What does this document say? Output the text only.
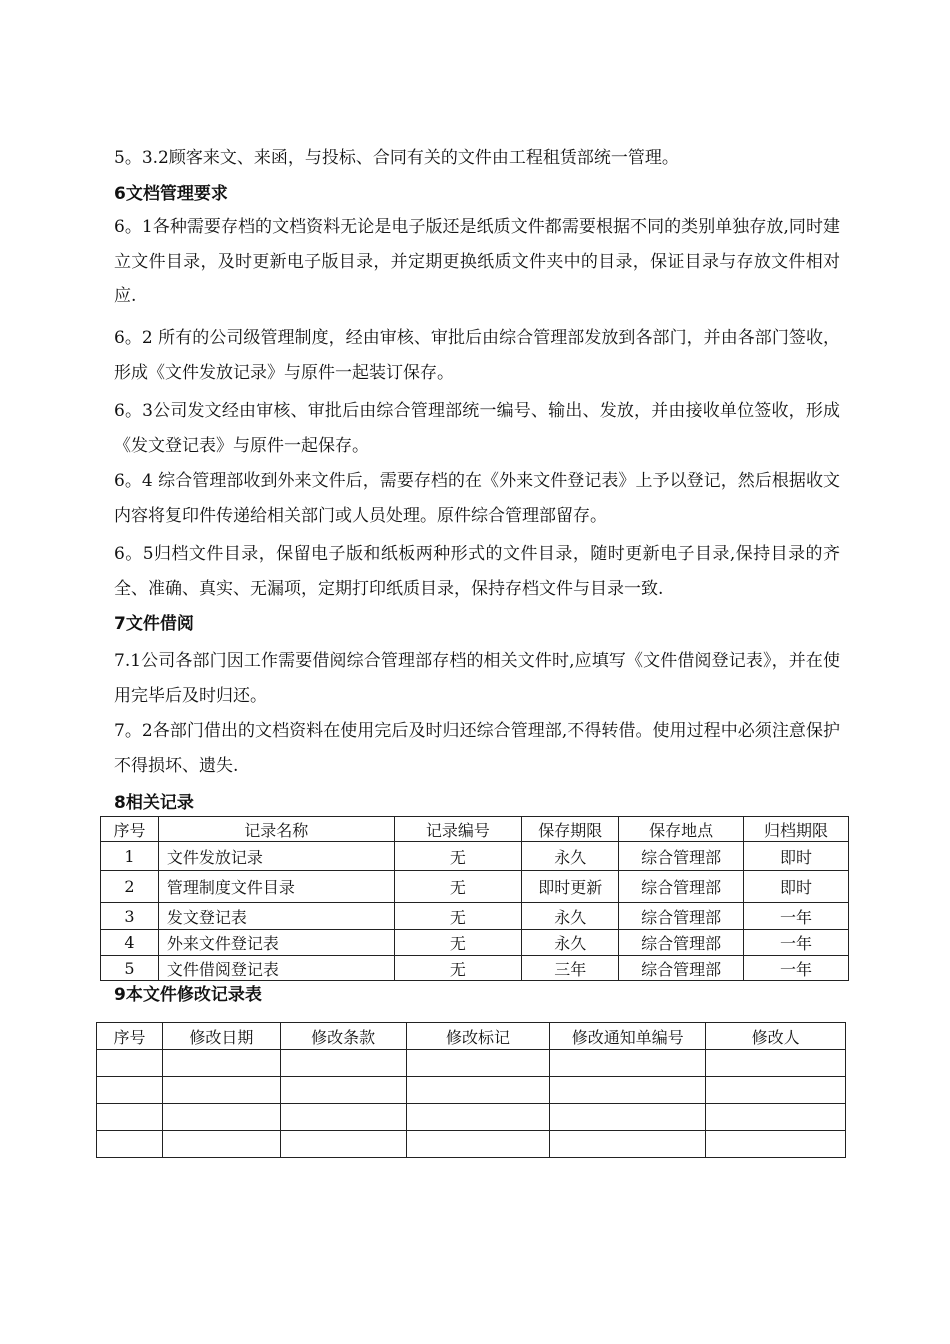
5。3.2顾客来文、来函，与投标、合同有关的文件由工程租赁部统一管理。

6文档管理要求

6。1各种需要存档的文档资料无论是电子版还是纸质文件都需要根据不同的类别单独存放,同时建立文件目录，及时更新电子版目录，并定期更换纸质文件夹中的目录，保证目录与存放文件相对应.

6。2 所有的公司级管理制度，经由审核、审批后由综合管理部发放到各部门，并由各部门签收，形成《文件发放记录》与原件一起装订保存。

6。3公司发文经由审核、审批后由综合管理部统一编号、输出、发放，并由接收单位签收，形成《发文登记表》与原件一起保存。

6。4 综合管理部收到外来文件后，需要存档的在《外来文件登记表》上予以登记，然后根据收文内容将复印件传递给相关部门或人员处理。原件综合管理部留存。

6。5归档文件目录，保留电子版和纸板两种形式的文件目录，随时更新电子目录,保持目录的齐全、准确、真实、无漏项，定期打印纸质目录，保持存档文件与目录一致.

7文件借阅

7.1公司各部门因工作需要借阅综合管理部存档的相关文件时,应填写《文件借阅登记表》，并在使用完毕后及时归还。

7。2各部门借出的文档资料在使用完后及时归还综合管理部,不得转借。使用过程中必须注意保护不得损坏、遗失.

8相关记录
序号	记录名称	记录编号	保存期限	保存地点	归档期限
1	文件发放记录	无	永久	综合管理部	即时
2	管理制度文件目录	无	即时更新	综合管理部	即时
3	发文登记表	无	永久	综合管理部	一年
4	外来文件登记表	无	永久	综合管理部	一年
5	文件借阅登记表	无	三年	综合管理部	一年
9本文件修改记录表
序号	修改日期	修改条款	修改标记	修改通知单编号	修改人
